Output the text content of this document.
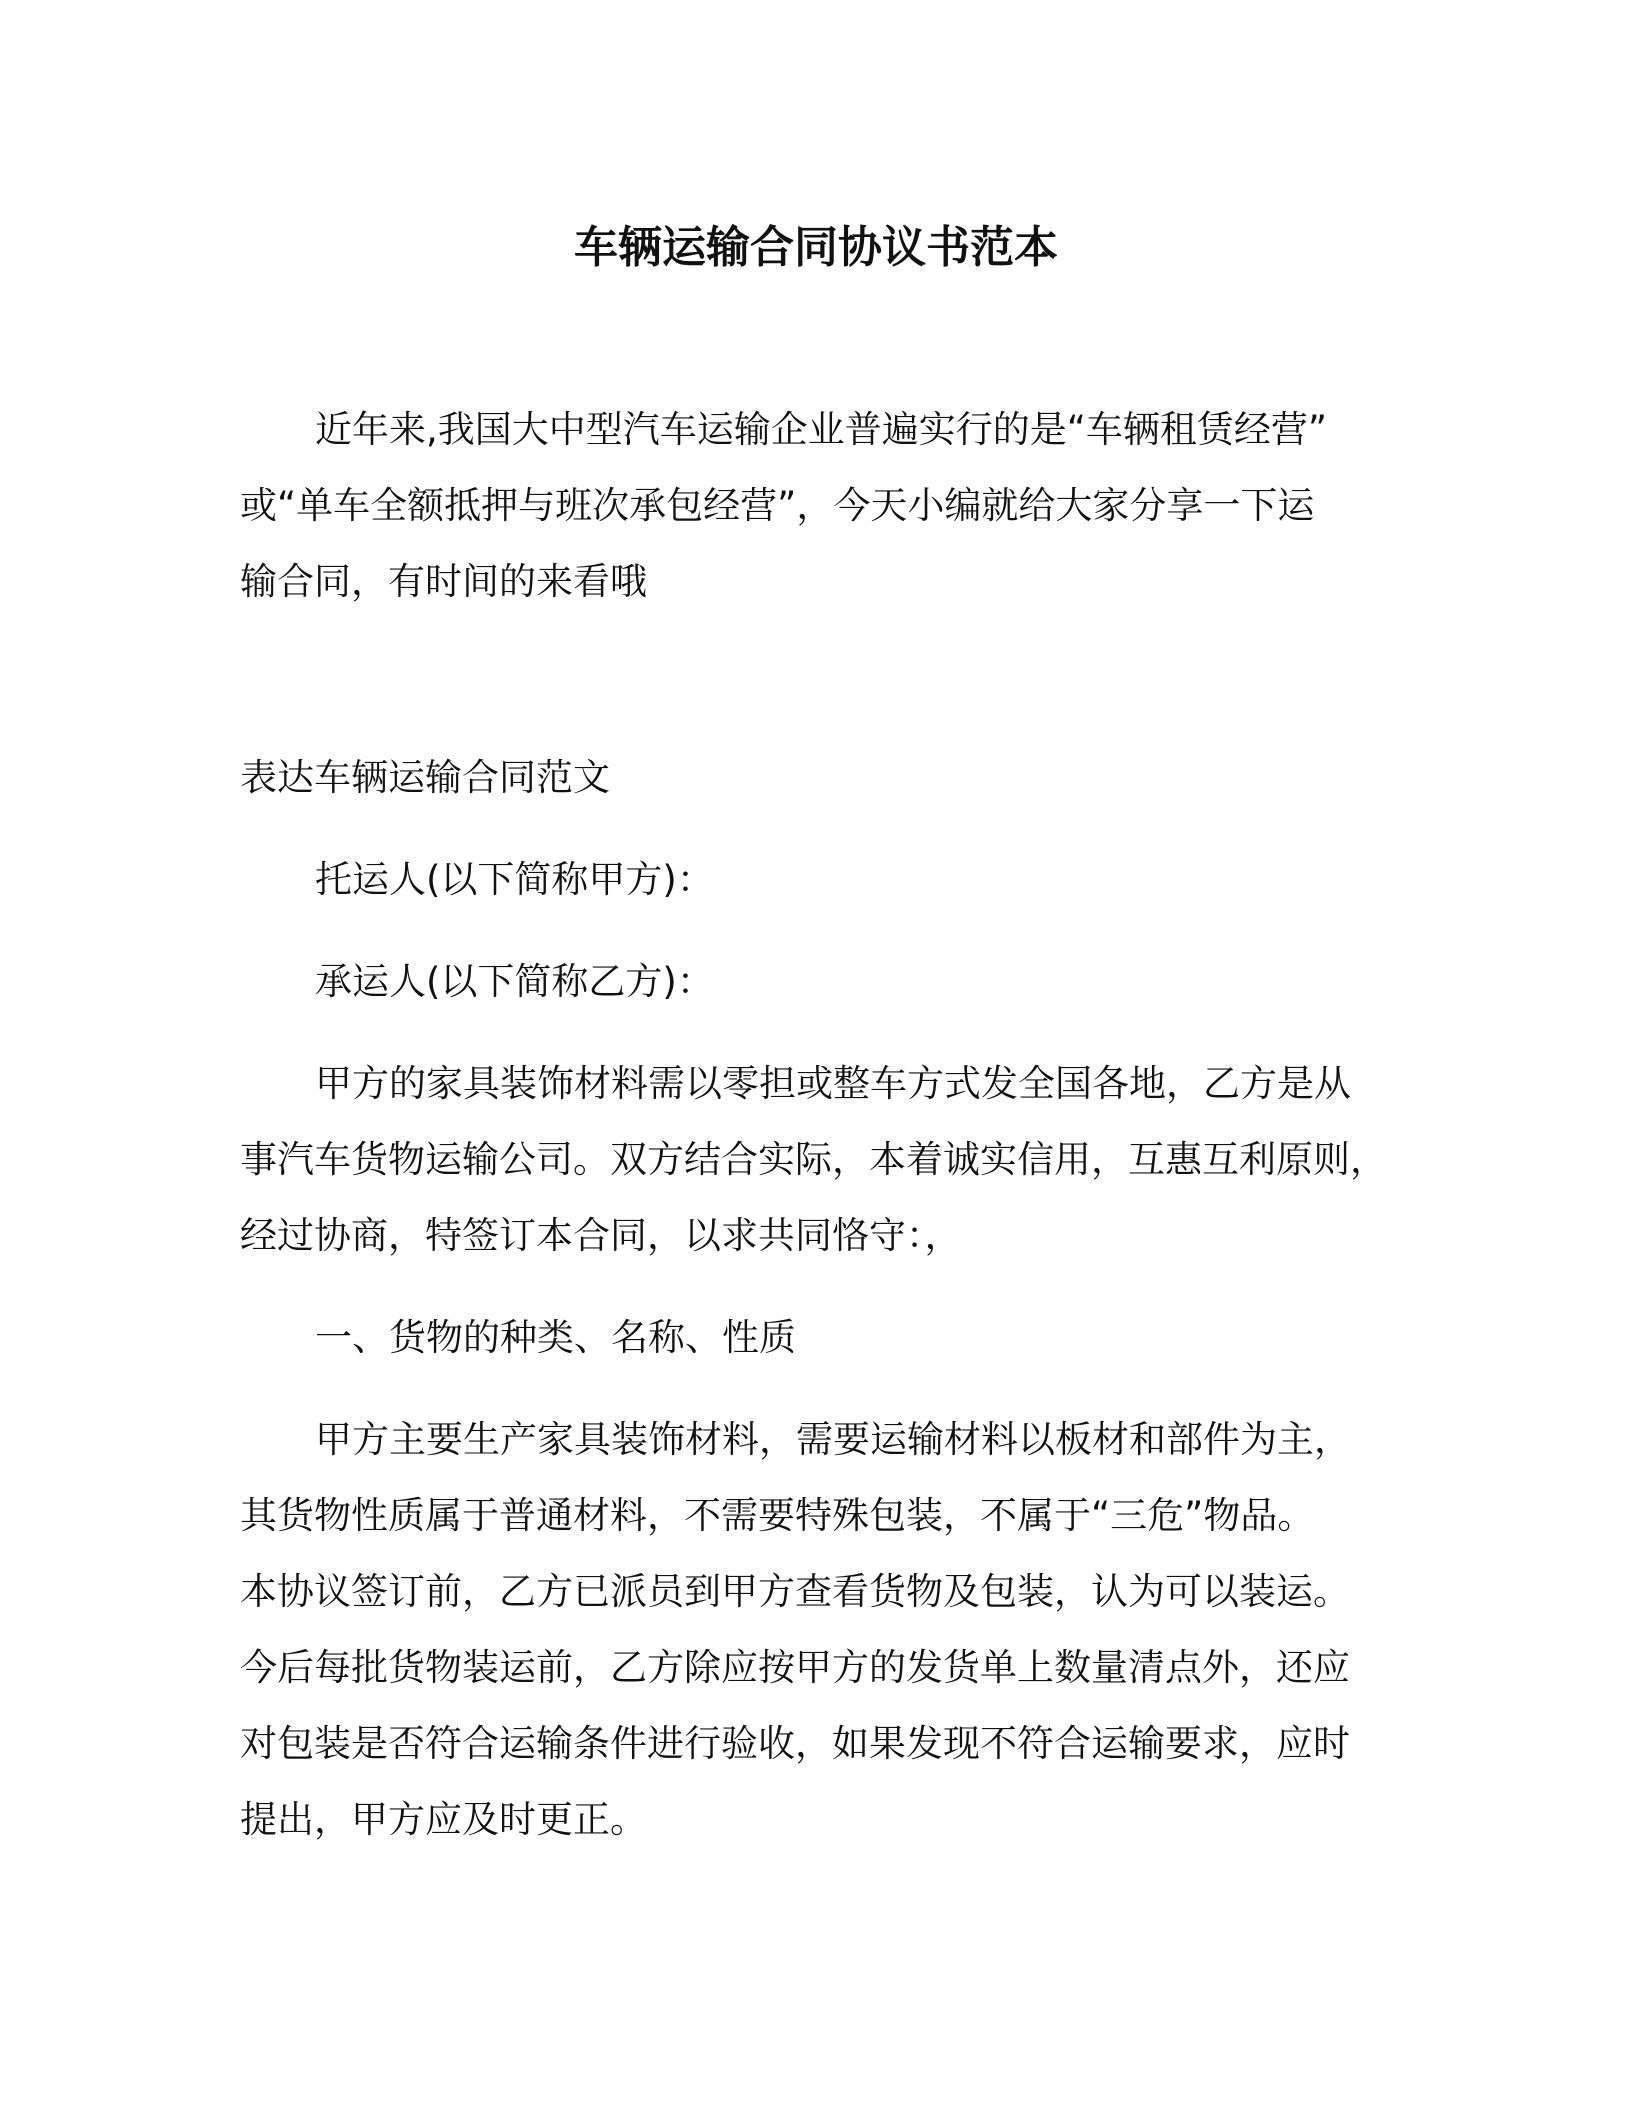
车辆运输合同协议书范本
近年来,我国大中型汽车运输企业普遍实行的是“车辆租赁经营”
或“单车全额抵押与班次承包经营”，今天小编就给大家分享一下运
输合同，有时间的来看哦
表达车辆运输合同范文
托运人(以下简称甲方)：
承运人(以下简称乙方)：
甲方的家具装饰材料需以零担或整车方式发全国各地，乙方是从
事汽车货物运输公司。双方结合实际，本着诚实信用，互惠互利原则，
经过协商，特签订本合同，以求共同恪守：，
一、货物的种类、名称、性质
甲方主要生产家具装饰材料，需要运输材料以板材和部件为主，
其货物性质属于普通材料，不需要特殊包装，不属于“三危”物品。
本协议签订前，乙方已派员到甲方查看货物及包装，认为可以装运。
今后每批货物装运前，乙方除应按甲方的发货单上数量清点外，还应
对包装是否符合运输条件进行验收，如果发现不符合运输要求，应时
提出，甲方应及时更正。
